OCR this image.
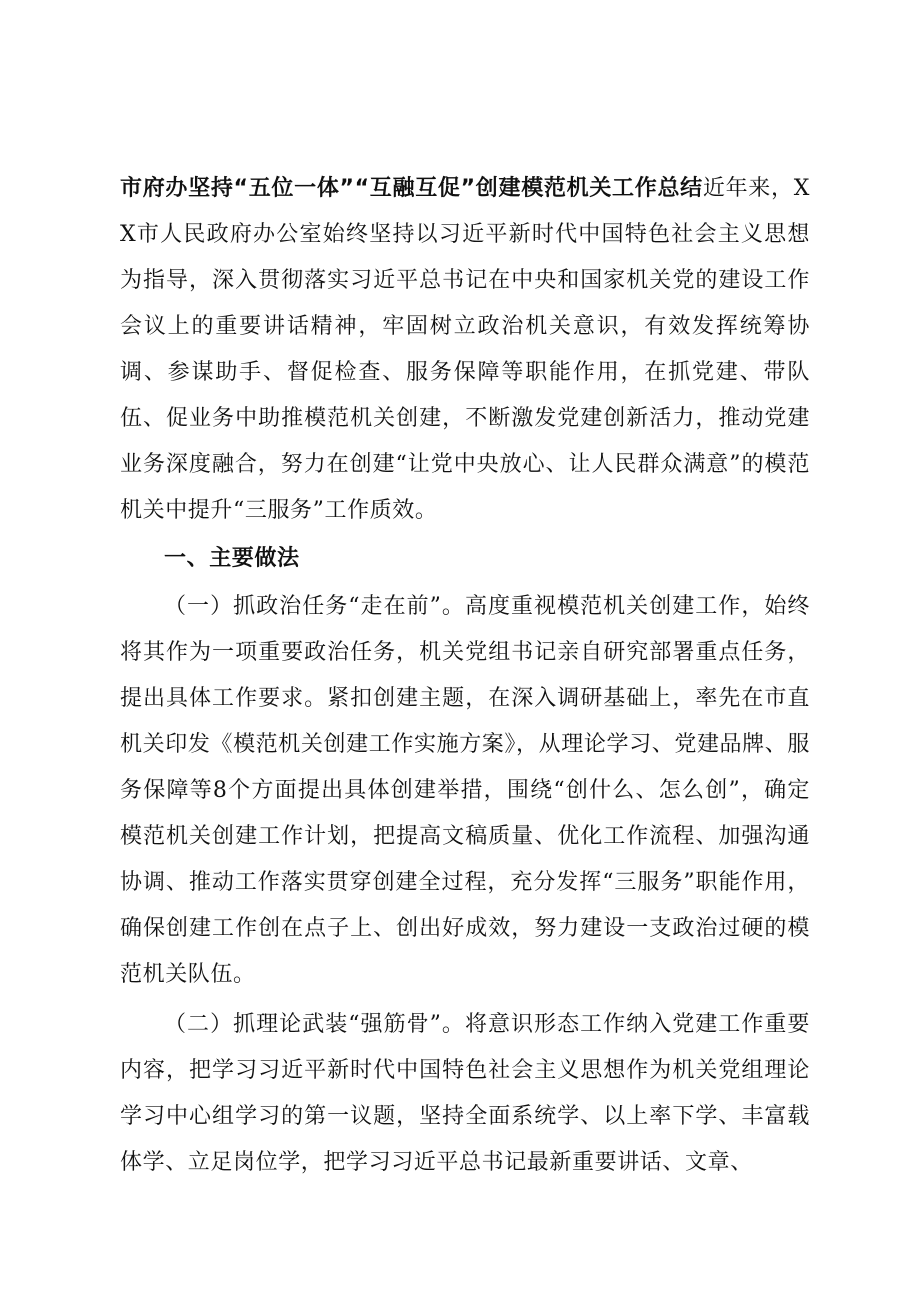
市府办坚持“五位一体”“互融互促”创建模范机关工作总结近年来，XX市人民政府办公室始终坚持以习近平新时代中国特色社会主义思想为指导，深入贯彻落实习近平总书记在中央和国家机关党的建设工作会议上的重要讲话精神，牢固树立政治机关意识，有效发挥统筹协调、参谋助手、督促检查、服务保障等职能作用，在抓党建、带队伍、促业务中助推模范机关创建，不断激发党建创新活力，推动党建业务深度融合，努力在创建“让党中央放心、让人民群众满意”的模范机关中提升“三服务”工作质效。

一、主要做法

（一）抓政治任务“走在前”。高度重视模范机关创建工作，始终将其作为一项重要政治任务，机关党组书记亲自研究部署重点任务，提出具体工作要求。紧扣创建主题，在深入调研基础上，率先在市直机关印发《模范机关创建工作实施方案》，从理论学习、党建品牌、服务保障等8个方面提出具体创建举措，围绕“创什么、怎么创”，确定模范机关创建工作计划，把提高文稿质量、优化工作流程、加强沟通协调、推动工作落实贯穿创建全过程，充分发挥“三服务”职能作用，确保创建工作创在点子上、创出好成效，努力建设一支政治过硬的模范机关队伍。

（二）抓理论武装“强筋骨”。将意识形态工作纳入党建工作重要内容，把学习习近平新时代中国特色社会主义思想作为机关党组理论学习中心组学习的第一议题，坚持全面系统学、以上率下学、丰富载体学、立足岗位学，把学习习近平总书记最新重要讲话、文章、
